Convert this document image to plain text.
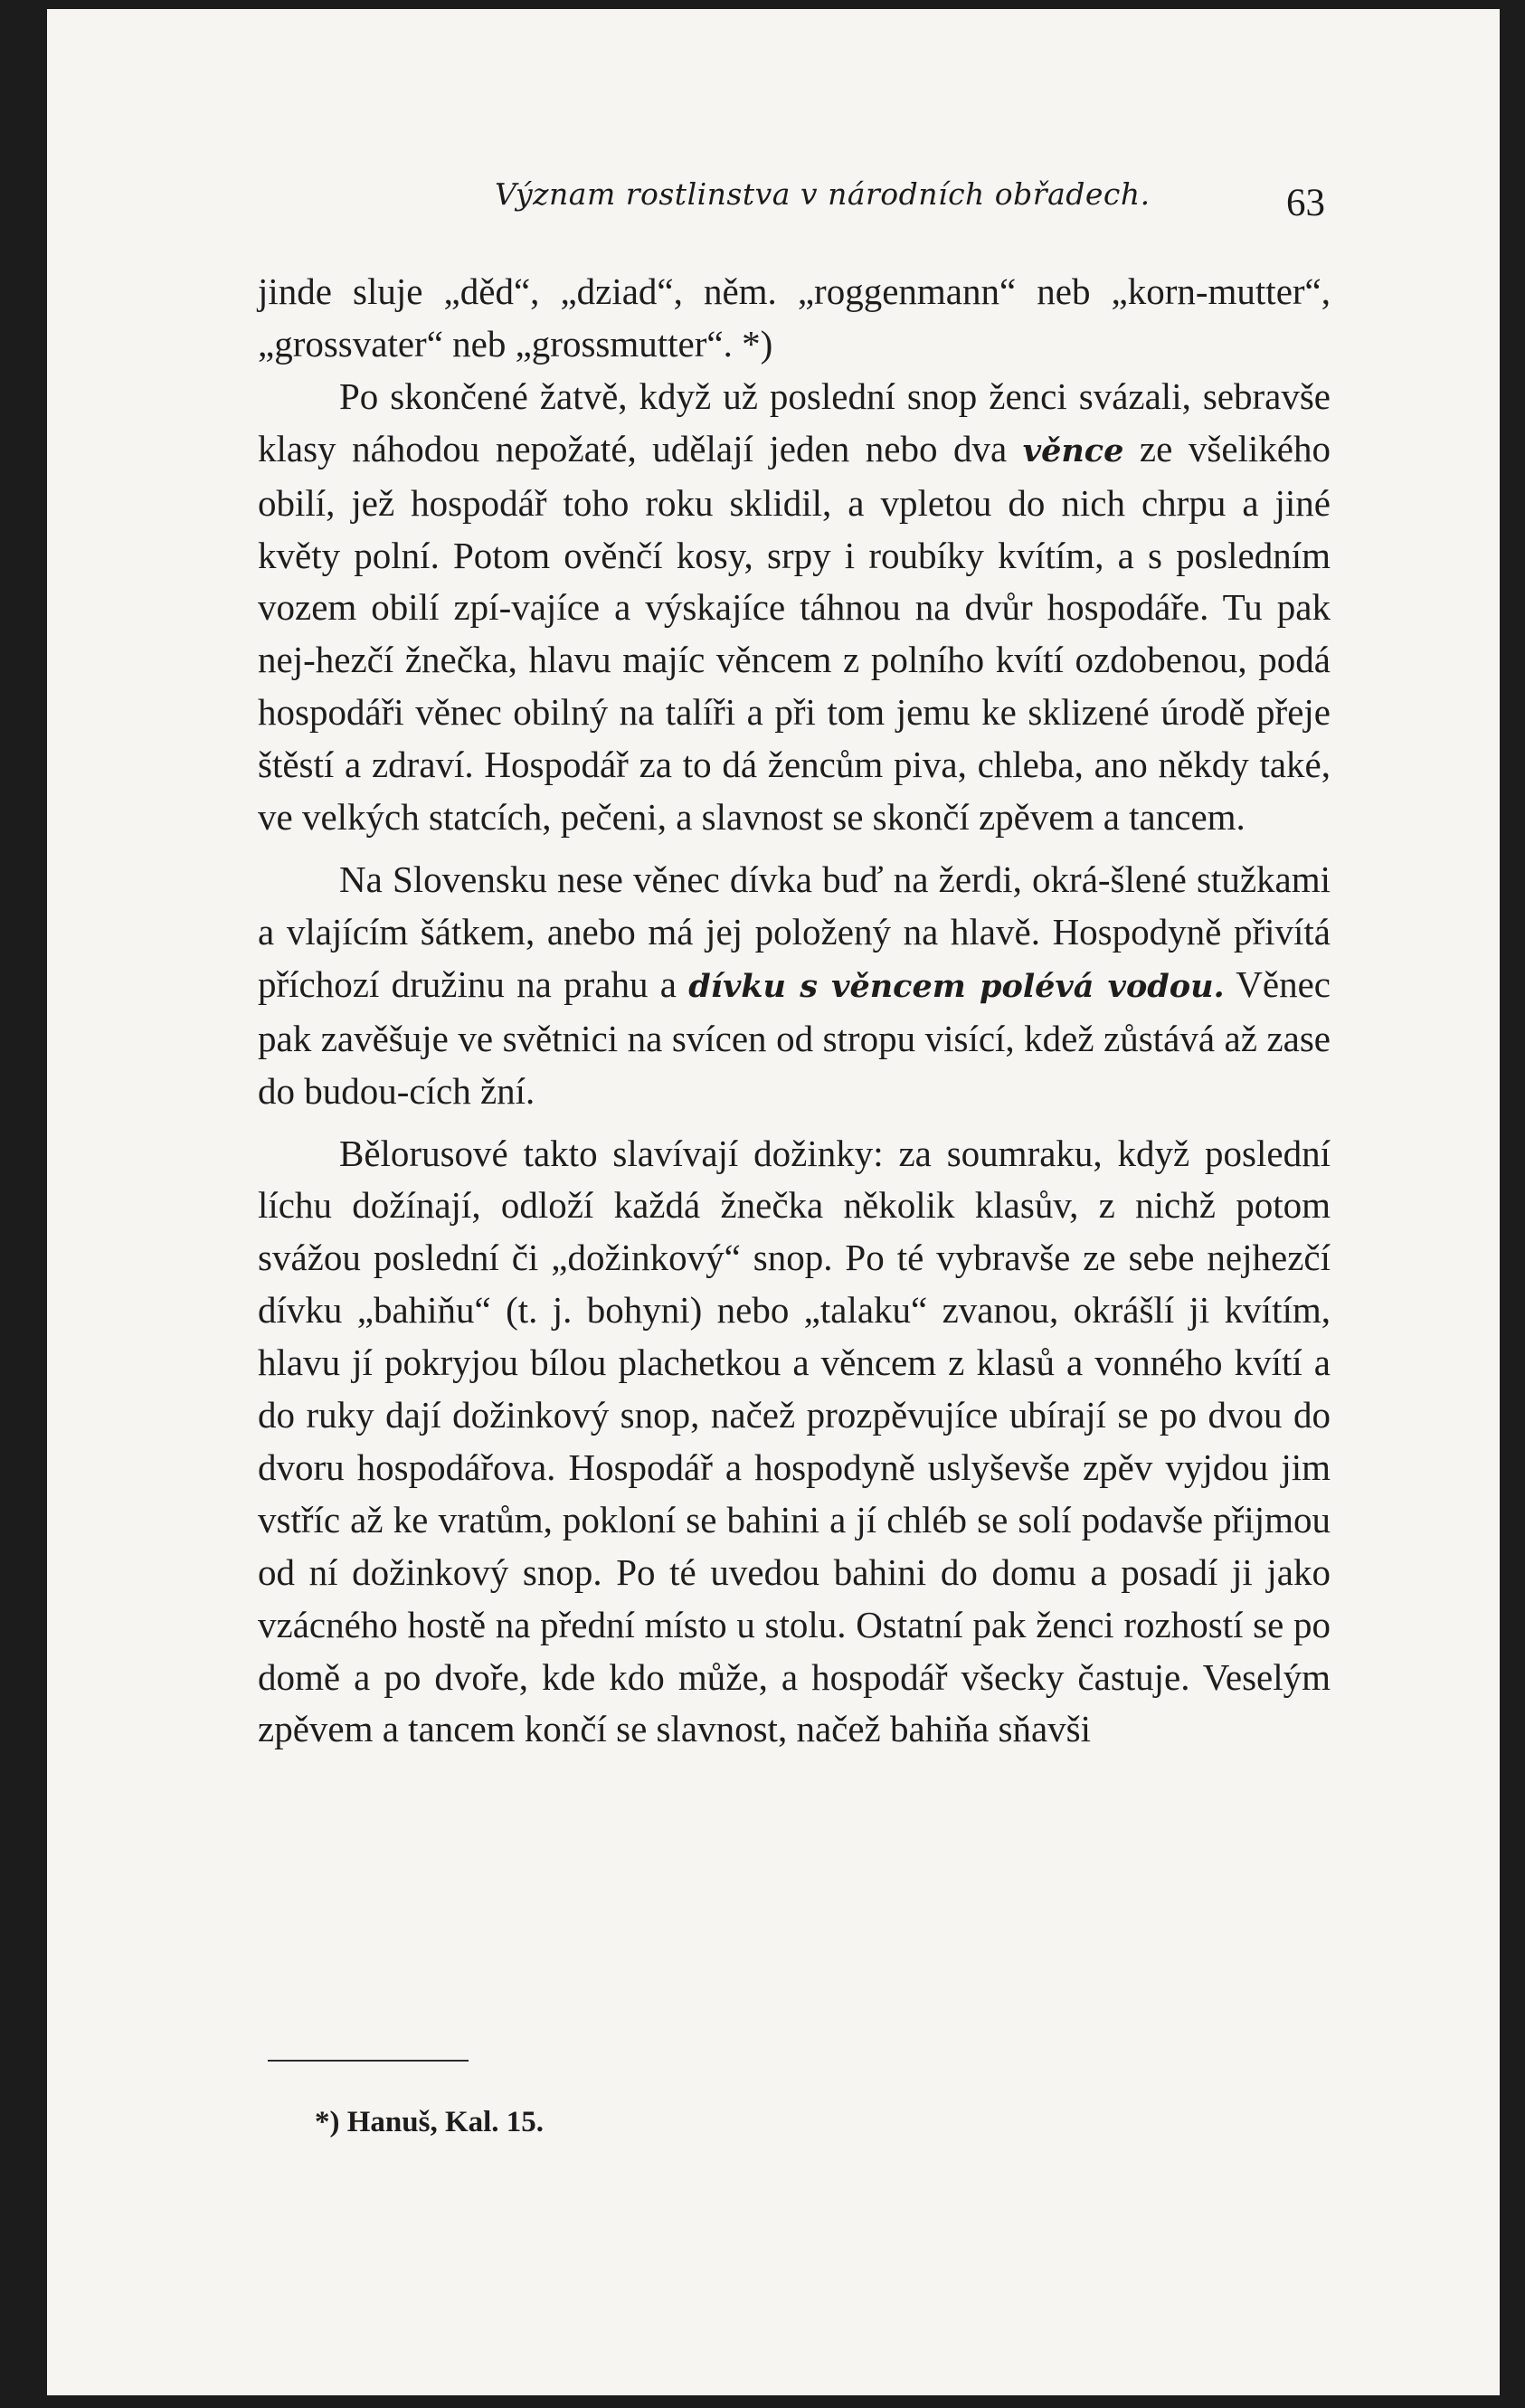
Význam rostlinstva v národních obřadech.	63

jinde sluje „děd“, „dziad“, něm. „roggenmann“ neb „korn-mutter“, „grossvater“ neb „grossmutter“. *)

Po skončené žatvě, když už poslední snop ženci svázali, sebravše klasy náhodou nepožaté, udělají jeden nebo dva věnce ze všelikého obilí, jež hospodář toho roku sklidil, a vpletou do nich chrpu a jiné květy polní. Potom ověnčí kosy, srpy i roubíky kvítím, a s posledním vozem obilí zpí-vajíce a výskajíce táhnou na dvůr hospodáře. Tu pak nej-hezčí žnečka, hlavu majíc věncem z polního kvítí ozdobenou, podá hospodáři věnec obilný na talíři a při tom jemu ke sklizené úrodě přeje štěstí a zdraví. Hospodář za to dá žencům piva, chleba, ano někdy také, ve velkých statcích, pečeni, a slavnost se skončí zpěvem a tancem.

Na Slovensku nese věnec dívka buď na žerdi, okrá-šlené stužkami a vlajícím šátkem, anebo má jej položený na hlavě. Hospodyně přivítá příchozí družinu na prahu a dívku s věncem polévá vodou. Věnec pak zavěšuje ve světnici na svícen od stropu visící, kdež zůstává až zase do budou-cích žní.

Bělorusové takto slavívají dožinky: za soumraku, když poslední líchu dožínají, odloží každá žnečka několik klasův, z nichž potom svážou poslední či „dožinkový“ snop. Po té vybravše ze sebe nejhezčí dívku „bahiňu“ (t. j. bohyni) nebo „talaku“ zvanou, okrášlí ji kvítím, hlavu jí pokryjou bílou plachetkou a věncem z klasů a vonného kvítí a do ruky dají dožinkový snop, načež prozpěvujíce ubírají se po dvou do dvoru hospodářova. Hospodář a hospodyně uslyševše zpěv vyjdou jim vstříc až ke vratům, pokloní se bahini a jí chléb se solí podavše přijmou od ní dožinkový snop. Po té uvedou bahini do domu a posadí ji jako vzácného hostě na přední místo u stolu. Ostatní pak ženci rozhostí se po domě a po dvoře, kde kdo může, a hospodář všecky častuje. Veselým zpěvem a tancem končí se slavnost, načež bahiňa sňavši

*) Hanuš, Kal. 15.
